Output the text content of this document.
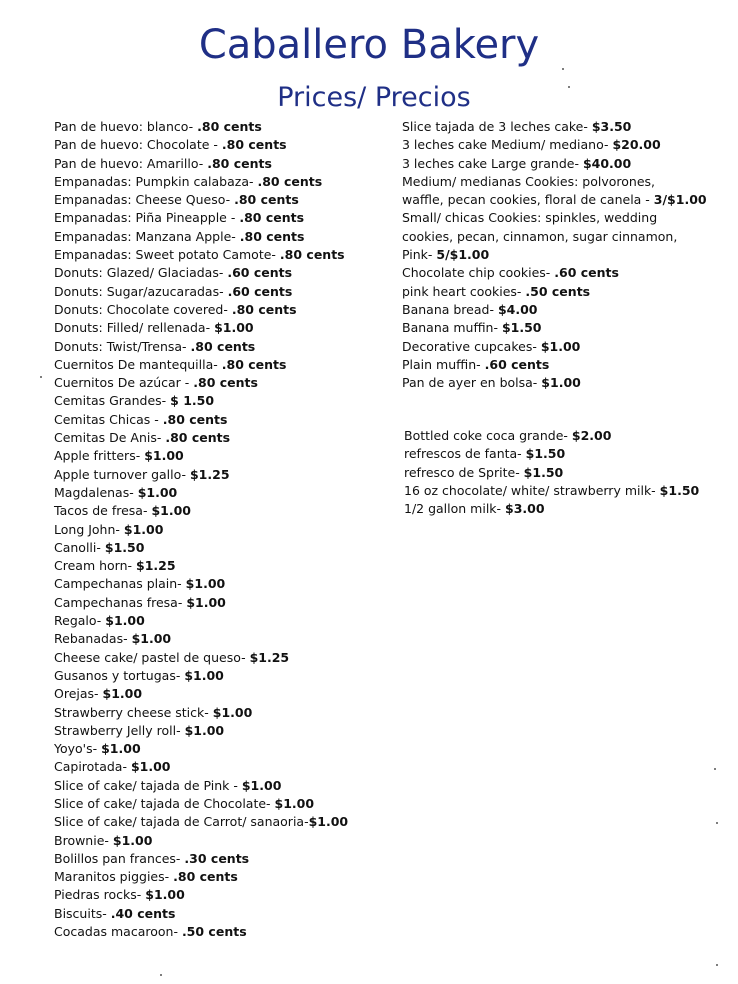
Caballero Bakery
Prices/ Precios
Pan de huevo: blanco- .80 cents
Pan de huevo: Chocolate - .80 cents
Pan de huevo: Amarillo- .80 cents
Empanadas: Pumpkin calabaza- .80 cents
Empanadas: Cheese Queso- .80 cents
Empanadas: Piña Pineapple - .80 cents
Empanadas: Manzana Apple- .80 cents
Empanadas: Sweet potato Camote- .80 cents
Donuts: Glazed/ Glaciadas- .60 cents
Donuts: Sugar/azucaradas- .60 cents
Donuts: Chocolate covered- .80 cents
Donuts: Filled/ rellenada- $1.00
Donuts: Twist/Trensa- .80 cents
Cuernitos De mantequilla- .80 cents
Cuernitos De azúcar - .80 cents
Cemitas Grandes- $ 1.50
Cemitas Chicas - .80 cents
Cemitas De Anis- .80 cents
Apple fritters- $1.00
Apple turnover gallo- $1.25
Magdalenas- $1.00
Tacos de fresa- $1.00
Long John- $1.00
Canolli- $1.50
Cream horn- $1.25
Campechanas plain- $1.00
Campechanas fresa- $1.00
Regalo- $1.00
Rebanadas- $1.00
Cheese cake/ pastel de queso- $1.25
Gusanos y tortugas- $1.00
Orejas- $1.00
Strawberry cheese stick- $1.00
Strawberry Jelly roll- $1.00
Yoyo's- $1.00
Capirotada- $1.00
Slice of cake/ tajada de Pink - $1.00
Slice of cake/ tajada de Chocolate- $1.00
Slice of cake/ tajada de Carrot/ sanaoria-$1.00
Brownie- $1.00
Bolillos pan frances- .30 cents
Maranitos piggies- .80 cents
Piedras rocks- $1.00
Biscuits- .40 cents
Cocadas macaroon- .50 cents
Slice tajada de 3 leches cake- $3.50
3 leches cake Medium/ mediano- $20.00
3 leches cake Large grande- $40.00
Medium/ medianas Cookies: polvorones,
waffle, pecan cookies, floral de canela - 3/$1.00
Small/ chicas Cookies: spinkles, wedding
cookies, pecan, cinnamon, sugar cinnamon,
Pink- 5/$1.00
Chocolate chip cookies- .60 cents
pink heart cookies- .50 cents
Banana bread- $4.00
Banana muffin- $1.50
Decorative cupcakes- $1.00
Plain muffin- .60 cents
Pan de ayer en bolsa- $1.00
Bottled coke coca grande- $2.00
refrescos de fanta- $1.50
refresco de Sprite- $1.50
16 oz chocolate/ white/ strawberry milk- $1.50
1/2 gallon milk- $3.00
